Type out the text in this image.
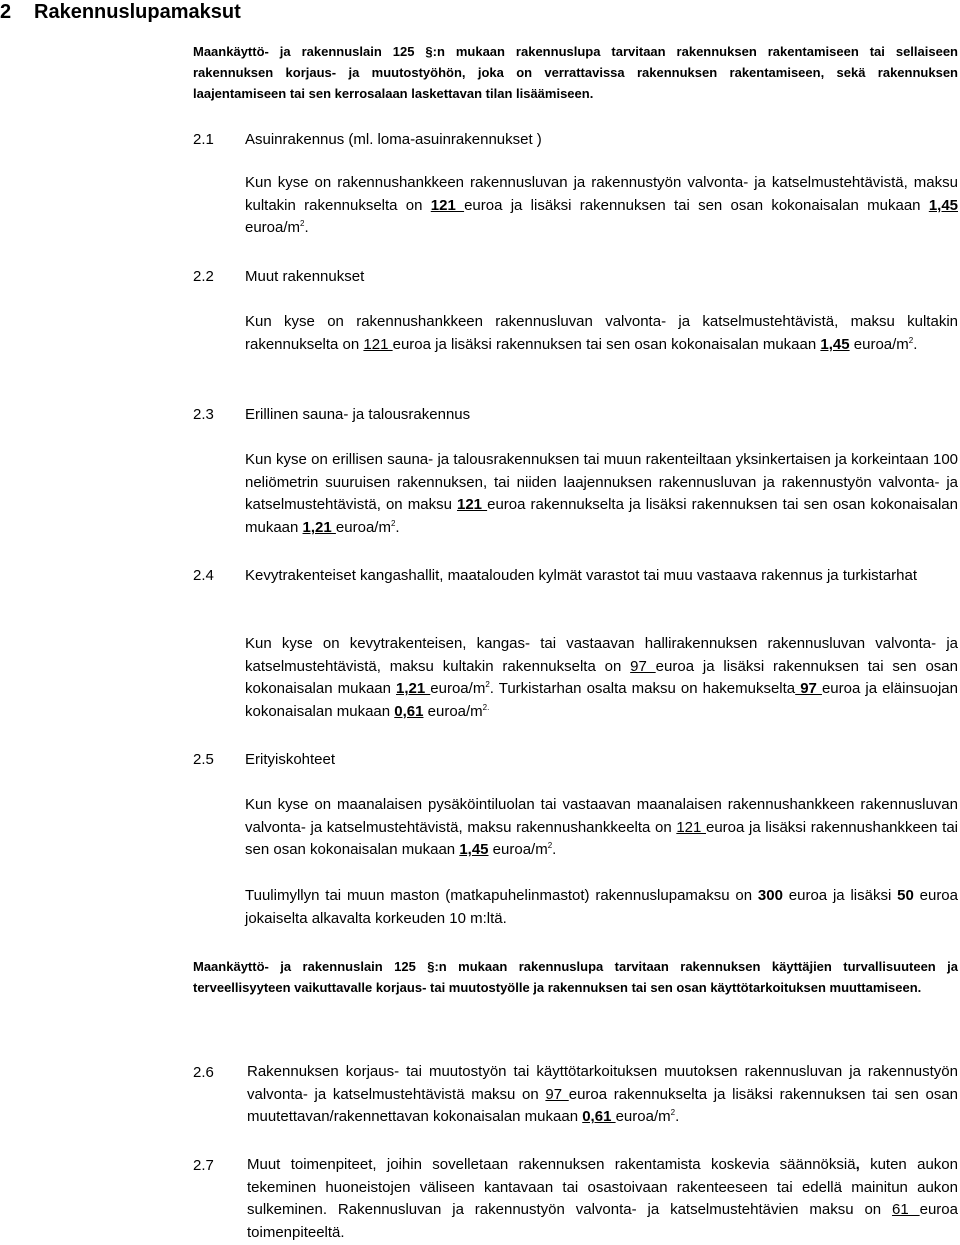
2 Rakennuslupamaksut
Maankäyttö- ja rakennuslain 125 §:n mukaan rakennuslupa tarvitaan rakennuksen rakentamiseen tai sellaiseen rakennuksen korjaus- ja muutostyöhön, joka on verrattavissa rakennuksen rakentamiseen, sekä rakennuksen laajentamiseen tai sen kerrosalaan laskettavan tilan lisäämiseen.
2.1 Asuinrakennus (ml. loma-asuinrakennukset )
Kun kyse on rakennushankkeen rakennusluvan ja rakennustyön valvonta- ja katselmustehtävistä, maksu kultakin rakennukselta on 121 euroa ja lisäksi rakennuksen tai sen osan kokonaisalan mukaan 1,45 euroa/$m^2$.
2.2 Muut rakennukset
Kun kyse on rakennushankkeen rakennusluvan valvonta- ja katselmustehtävistä, maksu kultakin rakennukselta on 121 euroa ja lisäksi rakennuksen tai sen osan kokonaisalan mukaan 1,45 euroa/$m^2$.
2.3 Erillinen sauna- ja talousrakennus
Kun kyse on erillisen sauna- ja talousrakennuksen tai muun rakenteiltaan yksinkertaisen ja korkeintaan 100 neliömetrin suuruisen rakennuksen, tai niiden laajennuksen rakennusluvan ja rakennustyön valvonta- ja katselmustehtävistä, on maksu 121 euroa rakennukselta ja lisäksi rakennuksen tai sen osan kokonaisalan mukaan 1,21 euroa/$m^2$.
2.4 Kevytrakenteiset kangashallit, maatalouden kylmät varastot tai muu vastaava rakennus ja turkistarhat
Kun kyse on kevytrakenteisen, kangas- tai vastaavan hallirakennuksen rakennusluvan valvonta- ja katselmustehtävistä, maksu kultakin rakennukselta on 97 euroa ja lisäksi rakennuksen tai sen osan kokonaisalan mukaan 1,21 euroa/$m^2$. Turkistarhan osalta maksu on hakemukselta 97 euroa ja eläinsuojan kokonaisalan mukaan 0,61 euroa/$m^{2.}$
2.5 Erityiskohteet
Kun kyse on maanalaisen pysäköintiluolan tai vastaavan maanalaisen rakennushankkeen rakennusluvan valvonta- ja katselmustehtävistä, maksu rakennushankkeelta on 121 euroa ja lisäksi rakennushankkeen tai sen osan kokonaisalan mukaan 1,45 euroa/$m^2$.
Tuulimyllyn tai muun maston (matkapuhelinmastot) rakennuslupamaksu on 300 euroa ja lisäksi 50 euroa jokaiselta alkavalta korkeuden 10 m:ltä.
Maankäyttö- ja rakennuslain 125 §:n mukaan rakennuslupa tarvitaan rakennuksen käyttäjien turvallisuuteen ja terveellisyyteen vaikuttavalle korjaus- tai muutostyölle ja rakennuksen tai sen osan käyttötarkoituksen muuttamiseen.
2.6 Rakennuksen korjaus- tai muutostyön tai käyttötarkoituksen muutoksen rakennusluvan ja rakennustyön valvonta- ja katselmustehtävistä maksu on 97 euroa rakennukselta ja lisäksi rakennuksen tai sen osan muutettavan/rakennettavan kokonaisalan mukaan 0,61 euroa/$m^2$.
2.7 Muut toimenpiteet, joihin sovelletaan rakennuksen rakentamista koskevia säännöksiä, kuten aukon tekeminen huoneistojen väliseen kantavaan tai osastoivaan rakenteeseen tai edellä mainitun aukon sulkeminen. Rakennusluvan ja rakennustyön valvonta- ja katselmustehtävien maksu on 61 euroa toimenpiteeltä.
